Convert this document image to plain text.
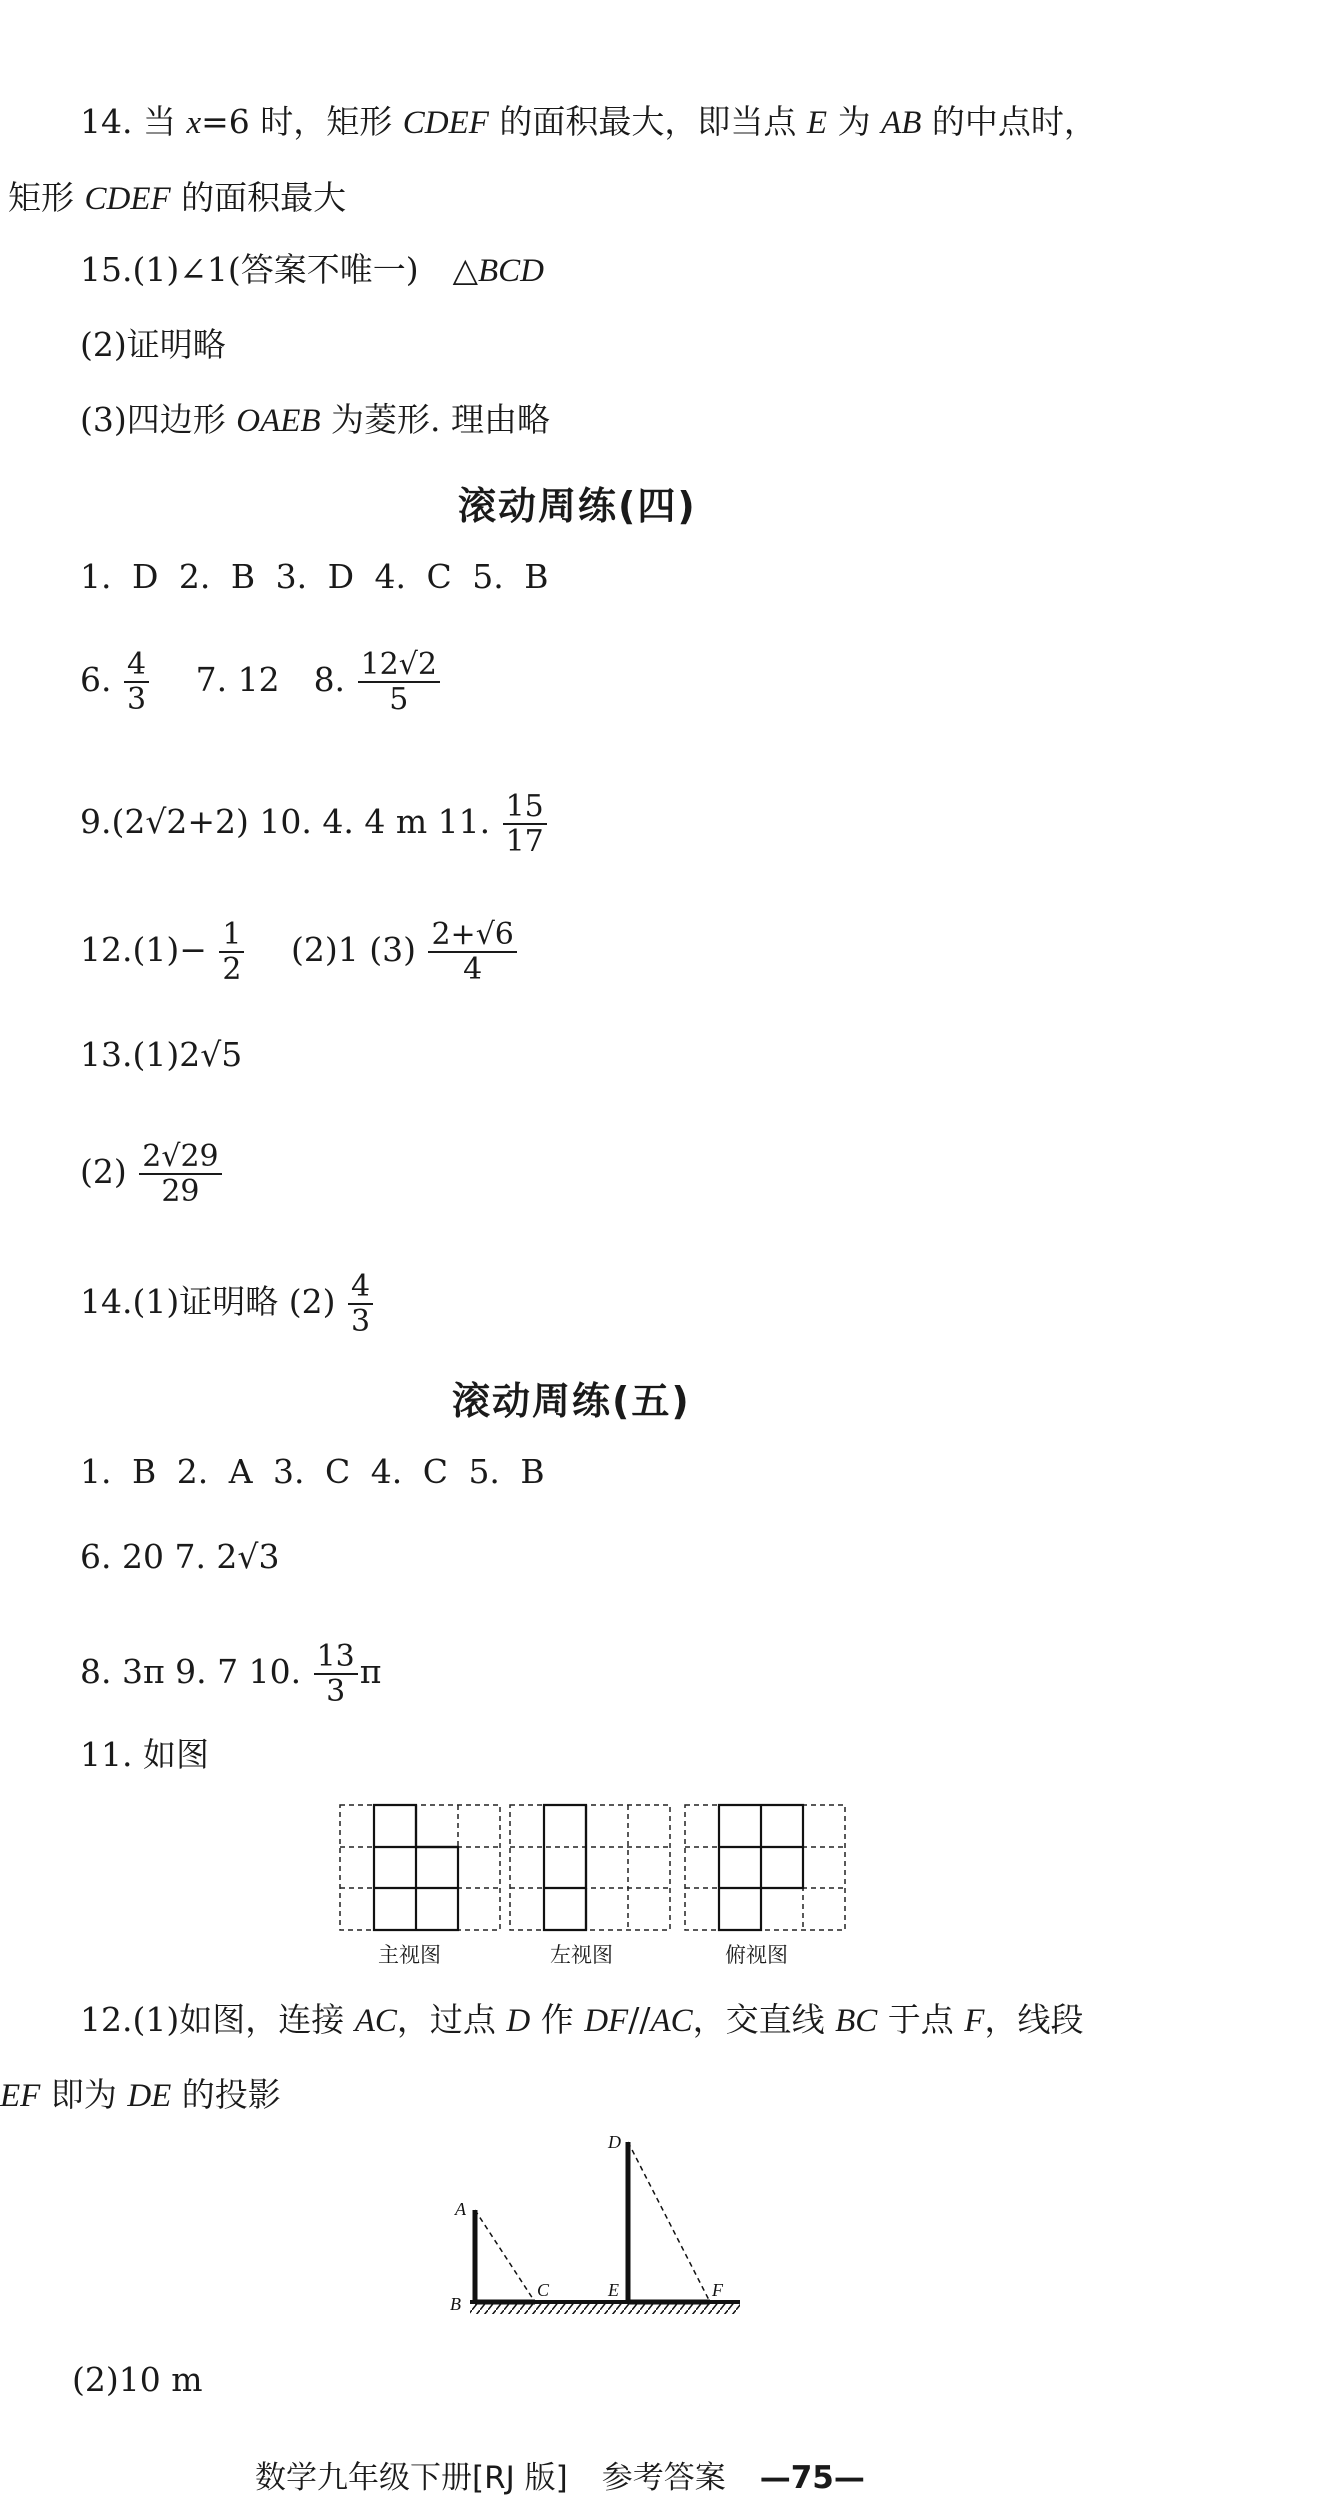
14. 当 x=6 时，矩形 CDEF 的面积最大，即当点 E 为 AB 的中点时，
矩形 CDEF 的面积最大
15.(1)∠1(答案不唯一) △BCD
(2)证明略
(3)四边形 OAEB 为菱形. 理由略
滚动周练(四)
1. D 2. B 3. D 4. C 5. B
6. $\frac{4}{3} 7$. 12 8. $\frac{12√2}{5}$
9.(2√2+2) 10. 4. 4 m 11. $\frac{15}{17}$
$12.(1)- \frac{1}{2} (2)1$ $(3) \frac{2+√6}{4}$
13.(1)2√5
$(2) \frac{2√29}{29}$
14.(1)证明略 $(2) \frac{4}{3}$
滚动周练(五)
1. B 2. A 3. C 4. C 5. B
6. 20 7. 2√3
8. 3π 9. 7 10. $\frac{13}{3}$ π
11. 如图
主视图	左视图	俯视图
12.(1)如图，连接 AC，过点 D 作 DF//AC，交直线 BC 于点 F，线段
EF 即为 DE 的投影
A
B
C
D
E	F
(2)10 m
数学九年级下册[RJ 版] 参考答案 —75—
